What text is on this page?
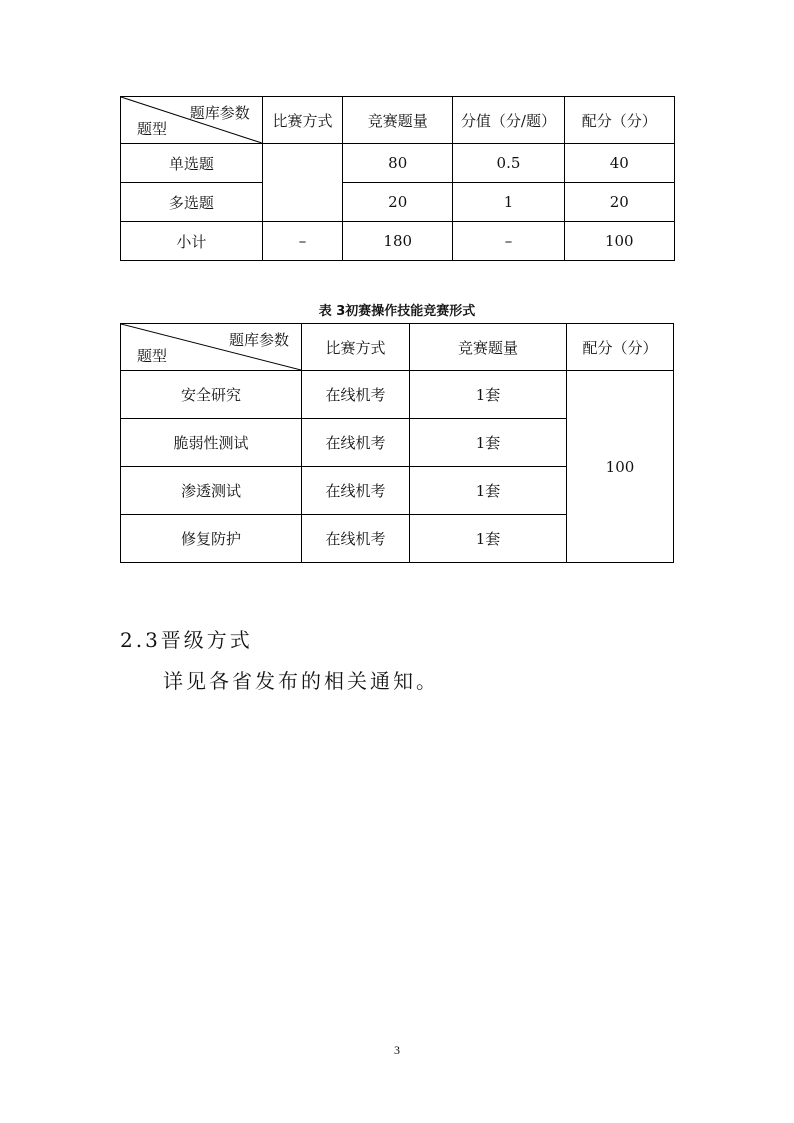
题库参数
题型	比赛方式	竞赛题量	分值（分/题）	配分（分）
单选题		80	0.5	40
多选题		20	1	20
小计	–	180	–	100
表 3初赛操作技能竞赛形式
题库参数
题型	比赛方式	竞赛题量	配分（分）
安全研究	在线机考	1套	100
脆弱性测试	在线机考	1套	
渗透测试	在线机考	1套	
修复防护	在线机考	1套	
2.3晋级方式
详见各省发布的相关通知。
3
